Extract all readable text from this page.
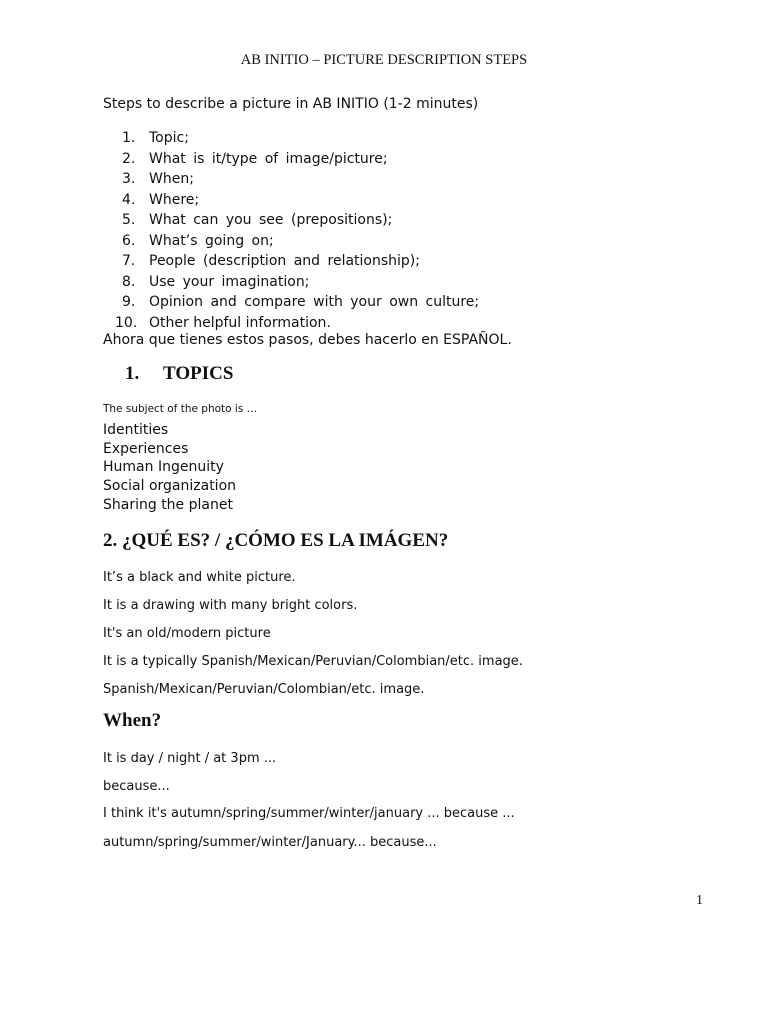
AB INITIO – PICTURE DESCRIPTION STEPS
Steps to describe a picture in AB INITIO (1-2 minutes)
1. Topic;
2. What is it/type of image/picture;
3. When;
4. Where;
5. What can you see (prepositions);
6. What’s going on;
7. People (description and relationship);
8. Use your imagination;
9. Opinion and compare with your own culture;
10. Other helpful information.
Ahora que tienes estos pasos, debes hacerlo en ESPAÑOL.
1. TOPICS
The subject of the photo is …
Identities
Experiences
Human Ingenuity
Social organization
Sharing the planet
2. ¿QUÉ ES? / ¿CÓMO ES LA IMÁGEN?
It’s a black and white picture.
It is a drawing with many bright colors.
It's an old/modern picture
It is a typically Spanish/Mexican/Peruvian/Colombian/etc. image.
Spanish/Mexican/Peruvian/Colombian/etc. image.
When?
It is day / night / at 3pm ...
because...
I think it's autumn/spring/summer/winter/january ... because ...
autumn/spring/summer/winter/January... because...
1
